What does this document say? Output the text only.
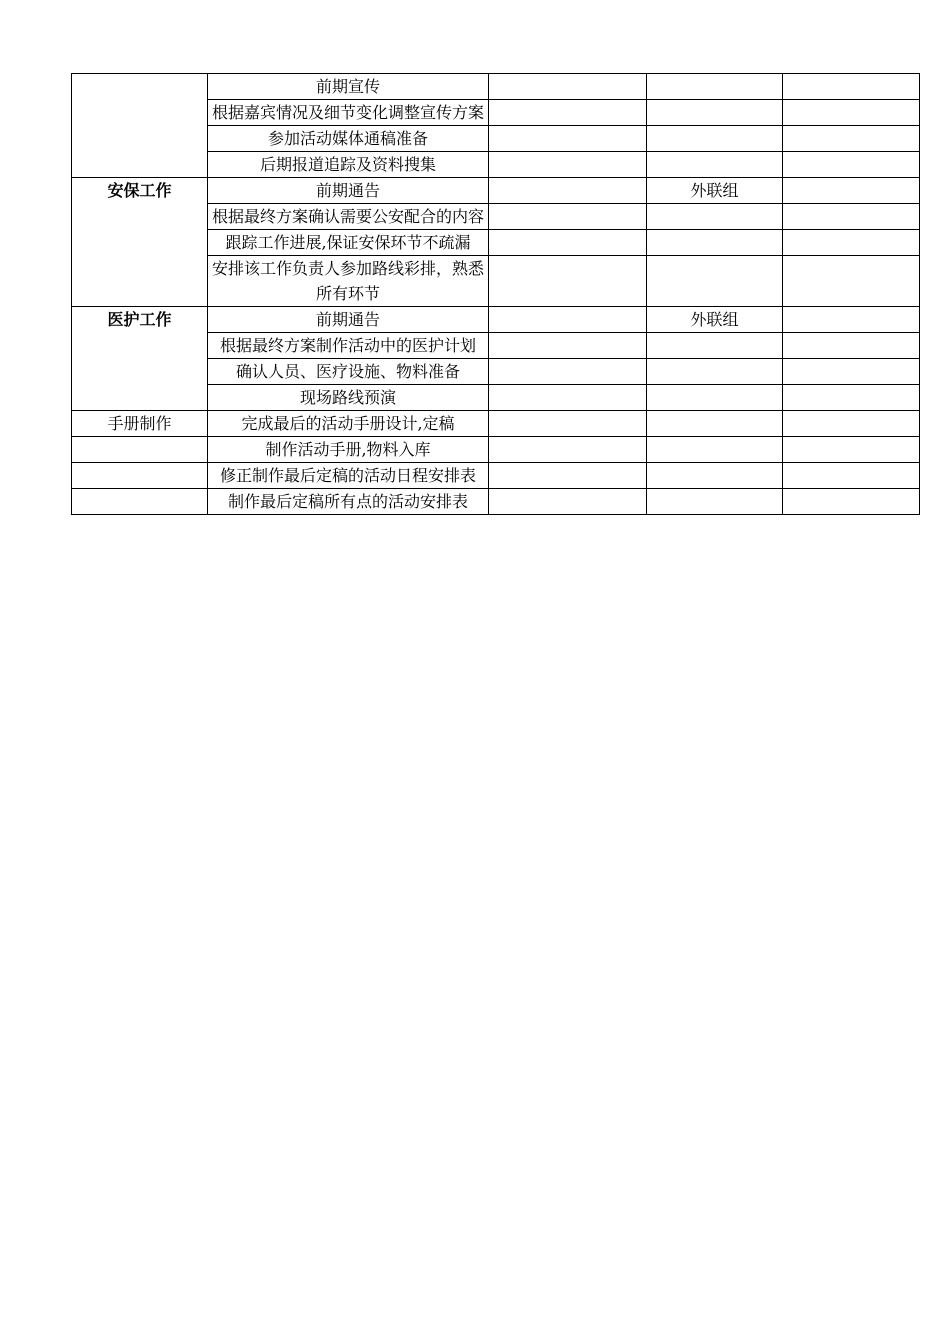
	前期宣传			
	根据嘉宾情况及细节变化调整宣传方案			
	参加活动媒体通稿准备			
	后期报道追踪及资料搜集			
安保工作	前期通告		外联组	
	根据最终方案确认需要公安配合的内容			
	跟踪工作进展,保证安保环节不疏漏			
	安排该工作负责人参加路线彩排，熟悉所有环节			
医护工作	前期通告		外联组	
	根据最终方案制作活动中的医护计划			
	确认人员、医疗设施、物料准备			
	现场路线预演			
手册制作	完成最后的活动手册设计,定稿			
	制作活动手册,物料入库			
	修正制作最后定稿的活动日程安排表			
	制作最后定稿所有点的活动安排表			
